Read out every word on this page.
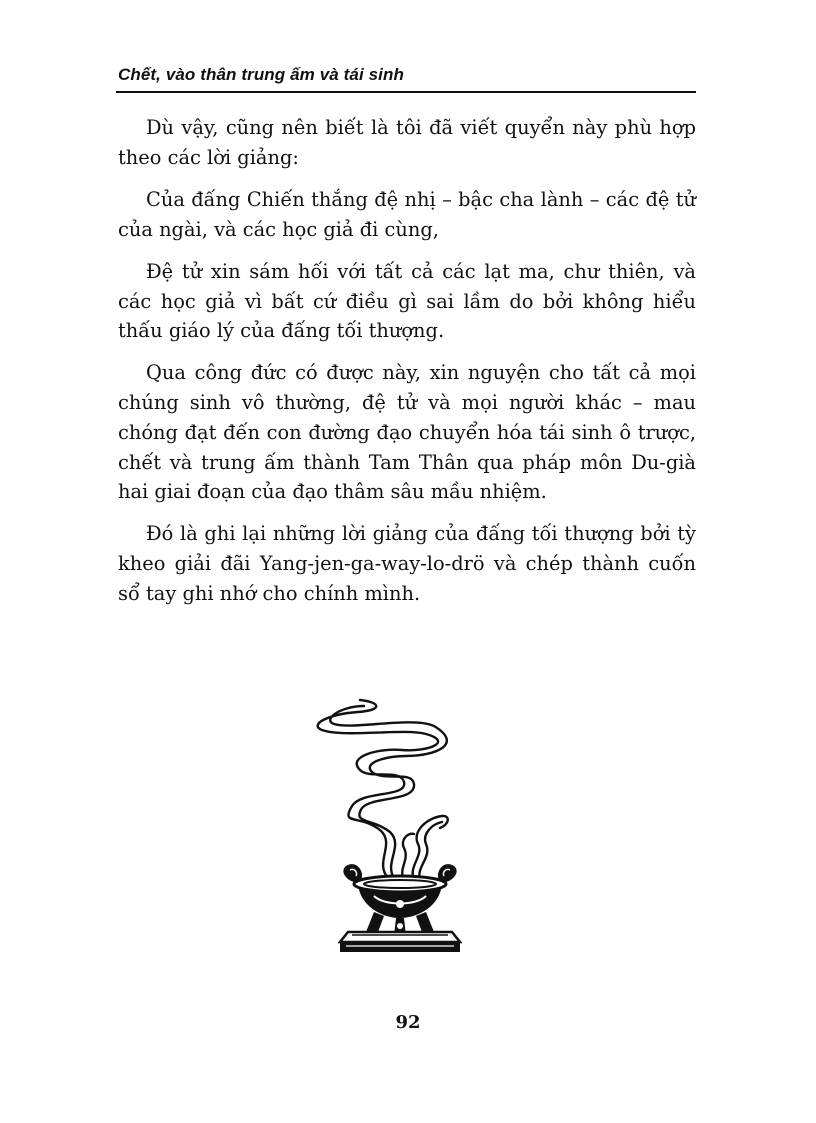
Chết, vào thân trung ấm và tái sinh

Dù vậy, cũng nên biết là tôi đã viết quyển này phù hợp theo các lời giảng:

Của đấng Chiến thắng đệ nhị – bậc cha lành – các đệ tử của ngài, và các học giả đi cùng,

Đệ tử xin sám hối với tất cả các lạt ma, chư thiên, và các học giả vì bất cứ điều gì sai lầm do bởi không hiểu thấu giáo lý của đấng tối thượng.

Qua công đức có được này, xin nguyện cho tất cả mọi chúng sinh vô thường, đệ tử và mọi người khác – mau chóng đạt đến con đường đạo chuyển hóa tái sinh ô trược, chết và trung ấm thành Tam Thân qua pháp môn Du-già hai giai đoạn của đạo thâm sâu mầu nhiệm.

Đó là ghi lại những lời giảng của đấng tối thượng bởi tỳ kheo giải đãi Yang-jen-ga-way-lo-drö và chép thành cuốn sổ tay ghi nhớ cho chính mình.

92
